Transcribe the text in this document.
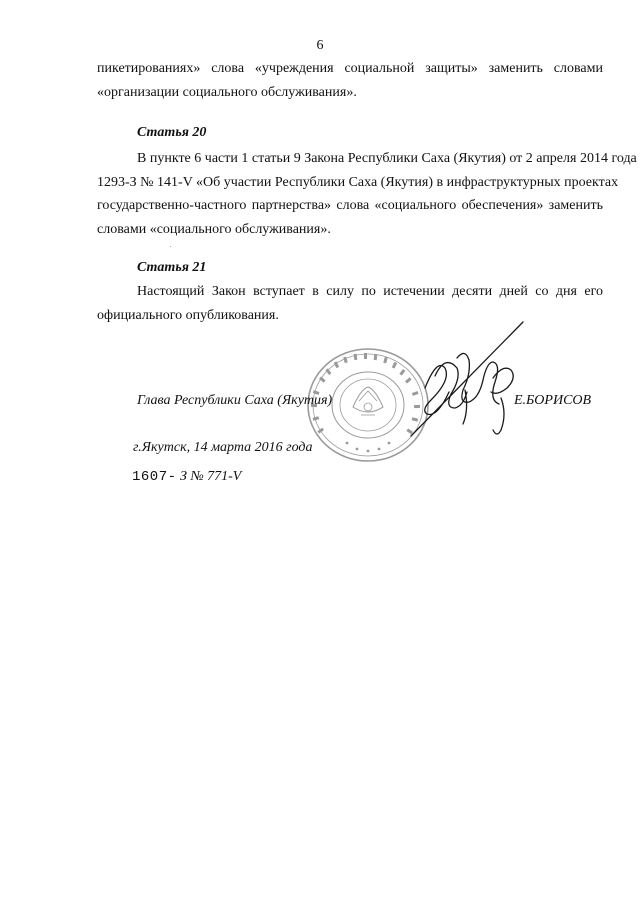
6
пикетированиях» слова «учреждения социальной защиты» заменить словами
«организации социального обслуживания».
Статья 20
В пункте 6 части 1 статьи 9 Закона Республики Саха (Якутия) от 2 апреля 2014 года
1293-З № 141-V «Об участии Республики Саха (Якутия) в инфраструктурных проектах
государственно-частного партнерства» слова «социального обеспечения» заменить
словами «социального обслуживания».
Статья 21
Настоящий Закон вступает в силу по истечении десяти дней со дня его
официального опубликования.
Глава Республики Саха (Якутия)	Е.БОРИСОВ
г.Якутск, 14 марта 2016 года
1607- З № 771-V
